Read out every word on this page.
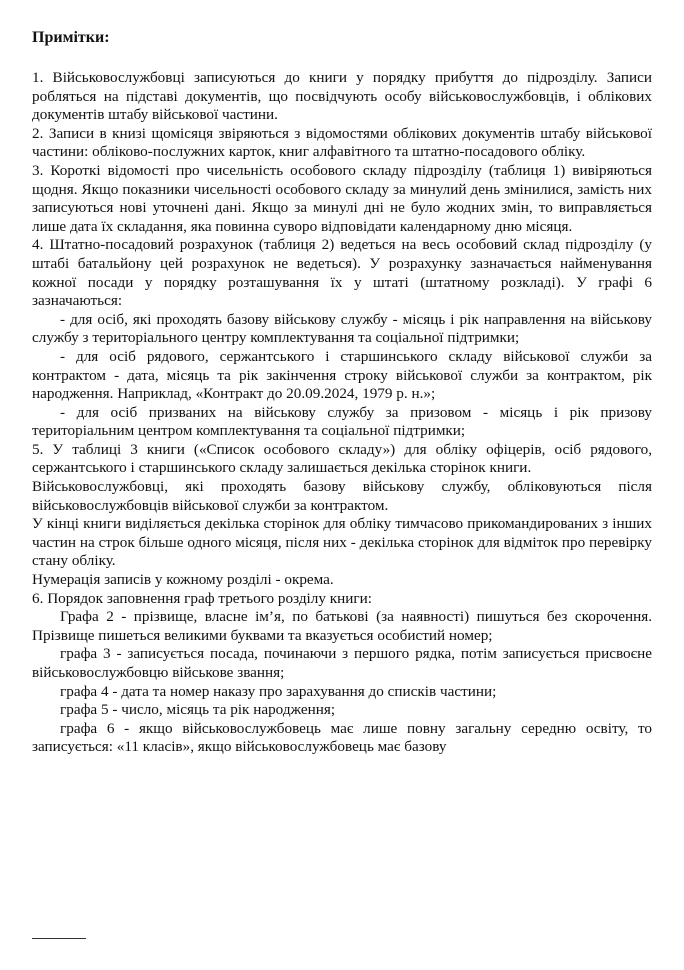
Примітки:

1. Військовослужбовці записуються до книги у порядку прибуття до підрозділу. Записи робляться на підставі документів, що посвідчують особу військовослужбовців, і облікових документів штабу військової частини.

2. Записи в книзі щомісяця звіряються з відомостями облікових документів штабу військової частини: обліково-послужних карток, книг алфавітного та штатно-посадового обліку.

3. Короткі відомості про чисельність особового складу підрозділу (таблиця 1) вивіряються щодня. Якщо показники чисельності особового складу за минулий день змінилися, замість них записуються нові уточнені дані. Якщо за минулі дні не було жодних змін, то виправляється лише дата їх складання, яка повинна суворо відповідати календарному дню місяця.

4. Штатно-посадовий розрахунок (таблиця 2) ведеться на весь особовий склад підрозділу (у штабі батальйону цей розрахунок не ведеться). У розрахунку зазначається найменування кожної посади у порядку розташування їх у штаті (штатному розкладі). У графі 6 зазначаються:

- для осіб, які проходять базову військову службу - місяць і рік направлення на військову службу з територіального центру комплектування та соціальної підтримки;

- для осіб рядового, сержантського і старшинського складу військової служби за контрактом - дата, місяць та рік закінчення строку військової служби за контрактом, рік народження. Наприклад, «Контракт до 20.09.2024, 1979 р. н.»;

- для осіб призваних на військову службу за призовом - місяць і рік призову територіальним центром комплектування та соціальної підтримки;

5. У таблиці 3 книги («Список особового складу») для обліку офіцерів, осіб рядового, сержантського і старшинського складу залишається декілька сторінок книги.

Військовослужбовці, які проходять базову військову службу, обліковуються після військовослужбовців військової служби за контрактом.

У кінці книги виділяється декілька сторінок для обліку тимчасово прикомандированих з інших частин на строк більше одного місяця, після них - декілька сторінок для відміток про перевірку стану обліку.

Нумерація записів у кожному розділі - окрема.

6. Порядок заповнення граф третього розділу книги:

Графа 2 - прізвище, власне ім’я, по батькові (за наявності) пишуться без скорочення. Прізвище пишеться великими буквами та вказується особистий номер;

графа 3 - записується посада, починаючи з першого рядка, потім записується присвоєне військовослужбовцю військове звання;

графа 4 - дата та номер наказу про зарахування до списків частини;

графа 5 - число, місяць та рік народження;

графа 6 - якщо військовослужбовець має лише повну загальну середню освіту, то записується: «11 класів», якщо військовослужбовець має базову
